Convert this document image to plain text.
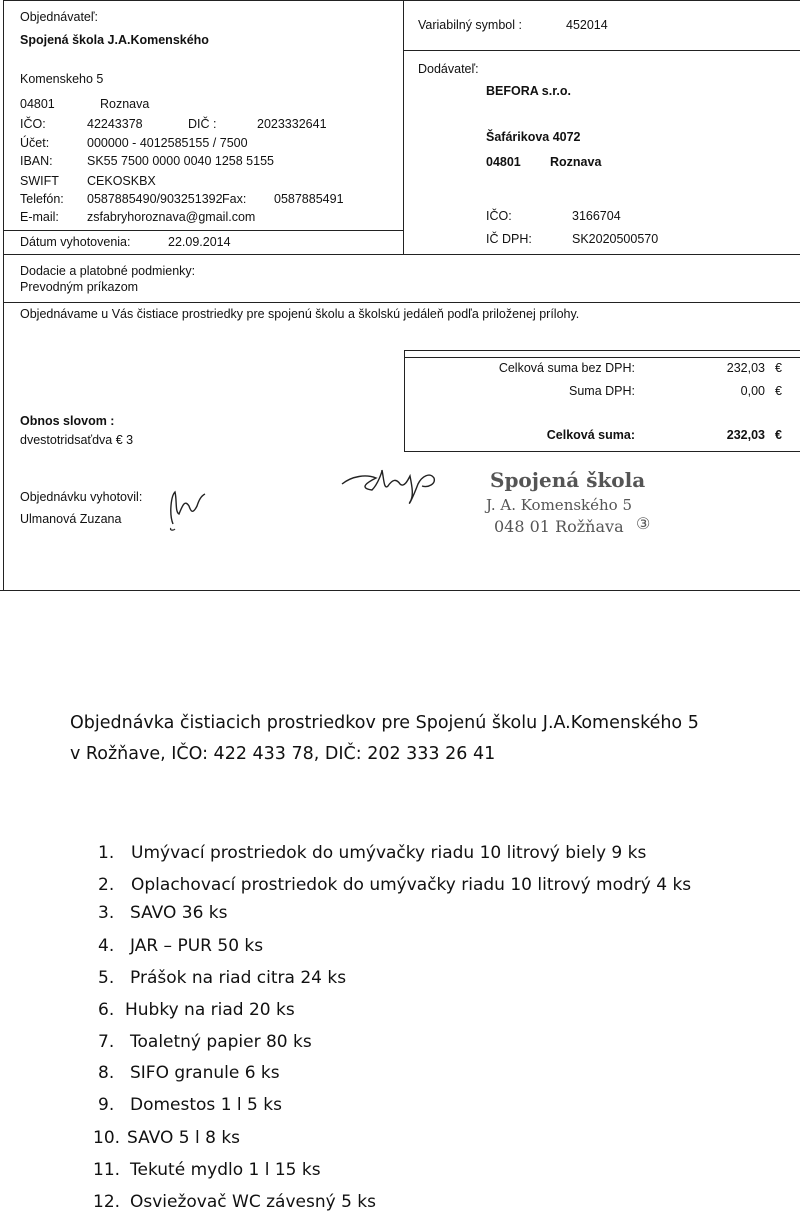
Objednávateľ:
Spojená škola J.A.Komenského
Komenskeho 5
04801	Roznava
IČO:	42243378	DIČ :	2023332641
Účet:	000000 - 4012585155 / 7500
IBAN:	SK55 7500 0000 0040 1258 5155
SWIFT CEKOSKBX
Telefón: 0587885490/903251392 Fax: 0587885491
E-mail: zsfabryhoroznava@gmail.com
Dátum vyhotovenia:	22.09.2014
Variabilný symbol :	452014
Dodávateľ:
BEFORA s.r.o.
Šafárikova 4072
04801 Roznava
IČO:	3166704
IČ DPH:	SK2020500570
Dodacie a platobné podmienky:
Prevodným príkazom
Objednávame u Vás čistiace prostriedky pre spojenú školu a školskú jedáleň podľa priloženej prílohy.
Celková suma bez DPH:	232,03 €
Suma DPH:	0,00 €
Celková suma:	232,03 €
Obnos slovom :
dvestotridsaťdva € 3
Objednávku vyhotovil:
Ulmanová Zuzana
Spojená škola
J. A. Komenského 5
048 01 Rožňava ③
Objednávka čistiacich prostriedkov pre Spojenú školu J.A.Komenského 5
v Rožňave, IČO: 422 433 78, DIČ: 202 333 26 41
1. Umývací prostriedok do umývačky riadu 10 litrový biely 9 ks
2. Oplachovací prostriedok do umývačky riadu 10 litrový modrý 4 ks
3. SAVO 36 ks
4. JAR – PUR 50 ks
5. Prášok na riad citra 24 ks
6. Hubky na riad 20 ks
7. Toaletný papier 80 ks
8. SIFO granule 6 ks
9. Domestos 1 l 5 ks
10. SAVO 5 l 8 ks
11. Tekuté mydlo 1 l 15 ks
12. Osviežovač WC závesný 5 ks
